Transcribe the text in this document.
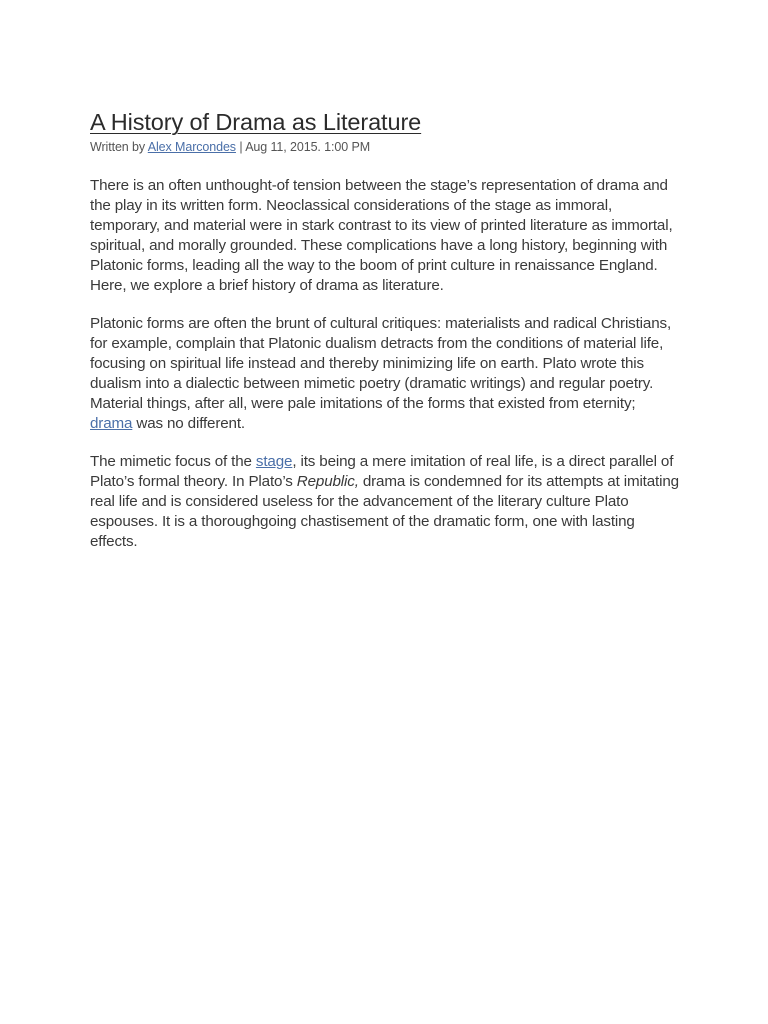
A History of Drama as Literature
Written by Alex Marcondes | Aug 11, 2015. 1:00 PM

There is an often unthought-of tension between the stage’s representation of drama and the play in its written form. Neoclassical considerations of the stage as immoral, temporary, and material were in stark contrast to its view of printed literature as immortal, spiritual, and morally grounded. These complications have a long history, beginning with Platonic forms, leading all the way to the boom of print culture in renaissance England. Here, we explore a brief history of drama as literature.

Platonic forms are often the brunt of cultural critiques: materialists and radical Christians, for example, complain that Platonic dualism detracts from the conditions of material life, focusing on spiritual life instead and thereby minimizing life on earth. Plato wrote this dualism into a dialectic between mimetic poetry (dramatic writings) and regular poetry. Material things, after all, were pale imitations of the forms that existed from eternity; drama was no different.

The mimetic focus of the stage, its being a mere imitation of real life, is a direct parallel of Plato’s formal theory. In Plato’s Republic, drama is condemned for its attempts at imitating real life and is considered useless for the advancement of the literary culture Plato espouses. It is a thoroughgoing chastisement of the dramatic form, one with lasting effects.
